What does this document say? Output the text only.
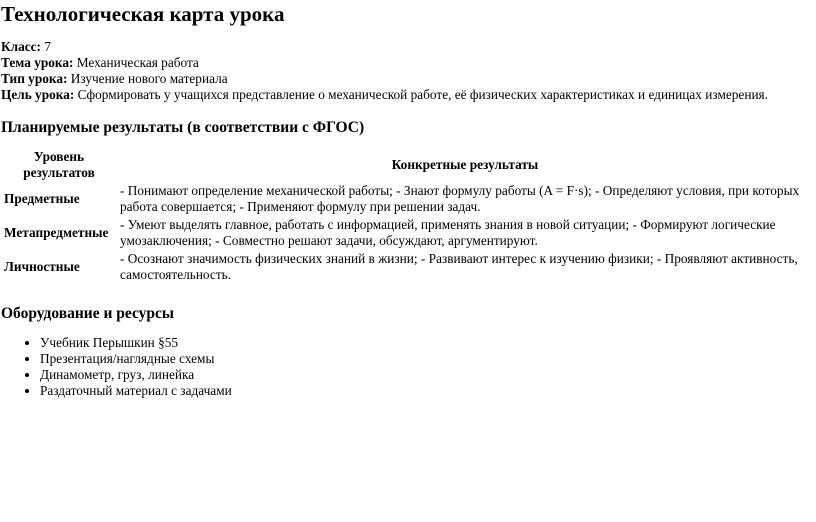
Технологическая карта урока
Класс: 7
Тема урока: Механическая работа
Тип урока: Изучение нового материала
Цель урока: Сформировать у учащихся представление о механической работе, её физических характеристиках и единицах измерения.
Планируемые результаты (в соответствии с ФГОС)
Уровень результатов	Конкретные результаты
Предметные	- Понимают определение механической работы; - Знают формулу работы (A = F·s); - Определяют условия, при которых работа совершается; - Применяют формулу при решении задач.
Метапредметные	- Умеют выделять главное, работать с информацией, применять знания в новой ситуации; - Формируют логические умозаключения; - Совместно решают задачи, обсуждают, аргументируют.
Личностные	- Осознают значимость физических знаний в жизни; - Развивают интерес к изучению физики; - Проявляют активность, самостоятельность.
Оборудование и ресурсы
• Учебник Перышкин §55
• Презентация/наглядные схемы
• Динамометр, груз, линейка
• Раздаточный материал с задачами
